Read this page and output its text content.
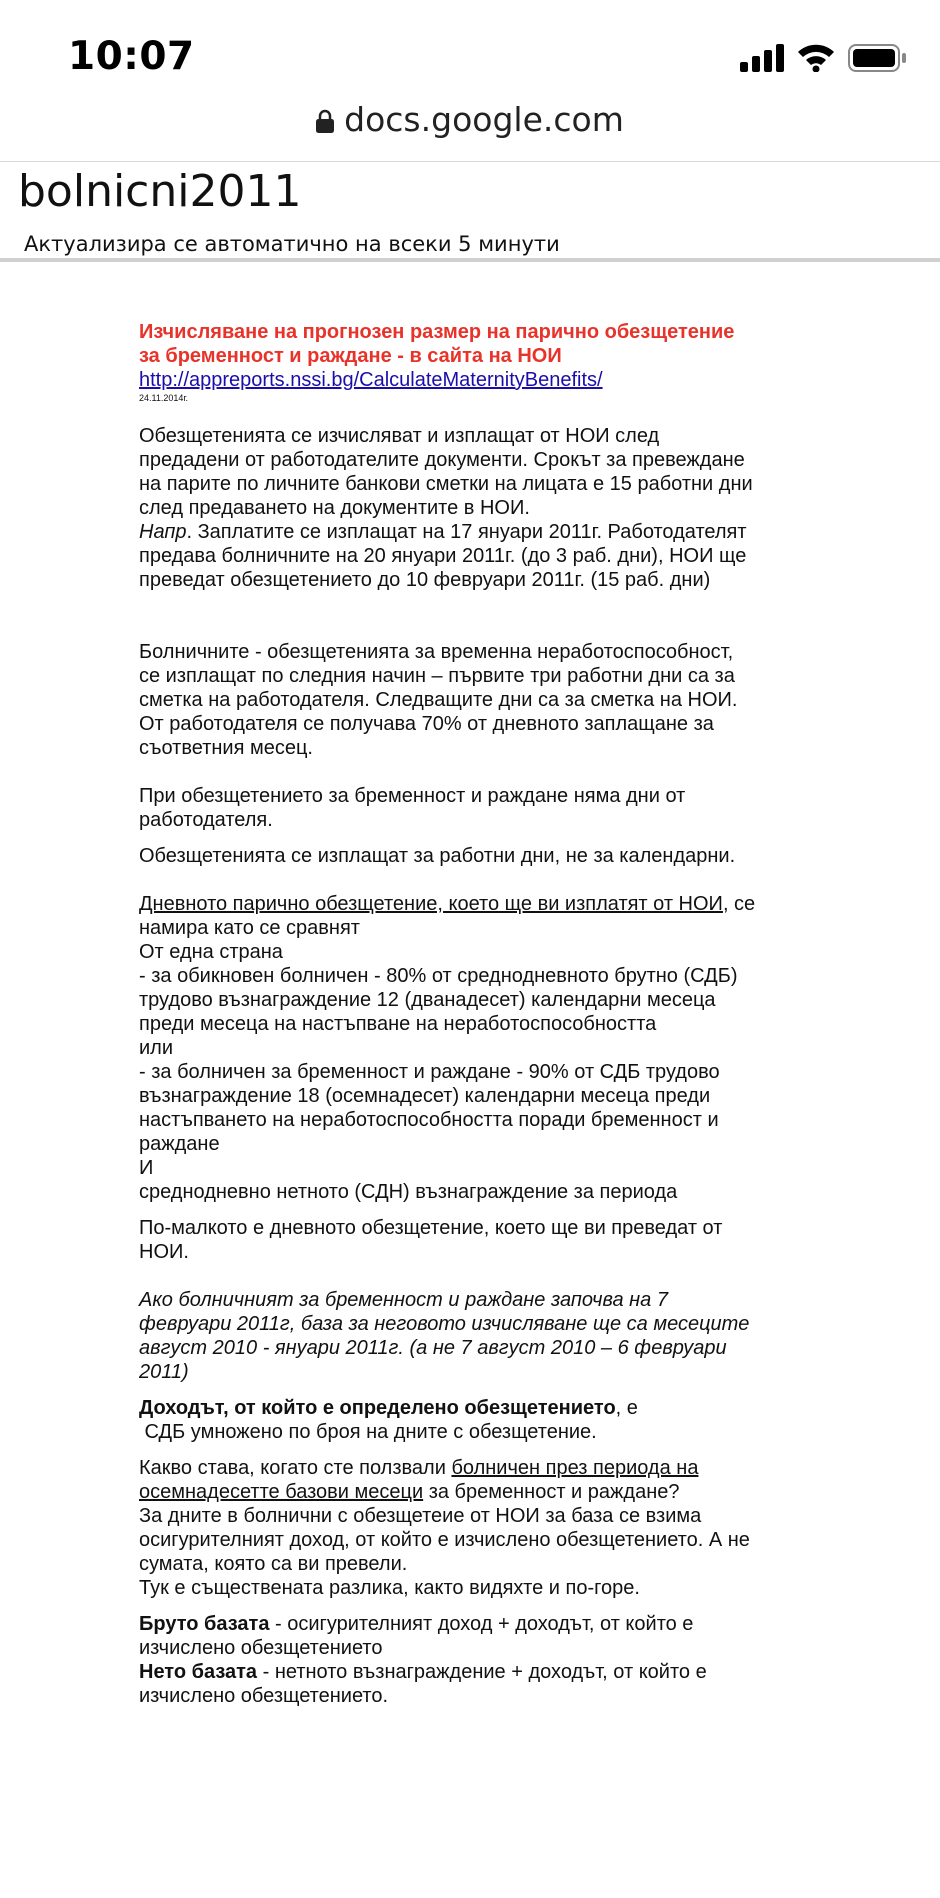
10:07
docs.google.com
bolnicni2011
Актуализира се автоматично на всеки 5 минути

Изчисляване на прогнозен размер на парично обезщетение за бременност и раждане - в сайта на НОИ

http://appreports.nssi.bg/CalculateMaternityBenefits/

24.11.2014г.

Обезщетенията се изчисляват и изплащат от НОИ след предадени от работодателите документи. Срокът за превеждане на парите по личните банкови сметки на лицата е 15 работни дни след предаването на документите в НОИ.

Напр. Заплатите се изплащат на 17 януари 2011г. Работодателят предава болничните на 20 януари 2011г. (до 3 раб. дни), НОИ ще преведат обезщетението до 10 февруари 2011г. (15 раб. дни)

Болничните - обезщетенията за временна неработоспособност, се изплащат по следния начин – първите три работни дни са за сметка на работодателя. Следващите дни са за сметка на НОИ. От работодателя се получава 70% от дневното заплащане за съответния месец.

При обезщетението за бременност и раждане няма дни от работодателя.

Обезщетенията се изплащат за работни дни, не за календарни.

Дневното парично обезщетение, което ще ви изплатят от НОИ, се намира като се сравнят

От една страна

- за обикновен болничен - 80% от среднодневното брутно (СДБ) трудово възнаграждение 12 (дванадесет) календарни месеца преди месеца на настъпване на неработоспособността

или

- за болничен за бременност и раждане - 90% от СДБ трудово възнаграждение 18 (осемнадесет) календарни месеца преди настъпването на неработоспособността поради бременност и раждане

И

среднодневно нетното (СДН) възнаграждение за периода

По-малкото е дневното обезщетение, което ще ви преведат от НОИ.

Ако болничният за бременност и раждане започва на 7 февруари 2011г, база за неговото изчисляване ще са месеците август 2010 - януари 2011г. (а не 7 август 2010 – 6 февруари 2011)

Доходът, от който е определено обезщетението, е

СДБ умножено по броя на дните с обезщетение.

Какво става, когато сте ползвали болничен през периода на осемнадесетте базови месеци за бременност и раждане?

За дните в болнични с обезщетеие от НОИ за база се взима осигурителният доход, от който е изчислено обезщетението. А не сумата, която са ви превели.

Тук е съществената разлика, както видяхте и по-горе.

Бруто базата - осигурителният доход + доходът, от който е изчислено обезщетението

Нето базата - нетното възнаграждение + доходът, от който е изчислено обезщетението.
